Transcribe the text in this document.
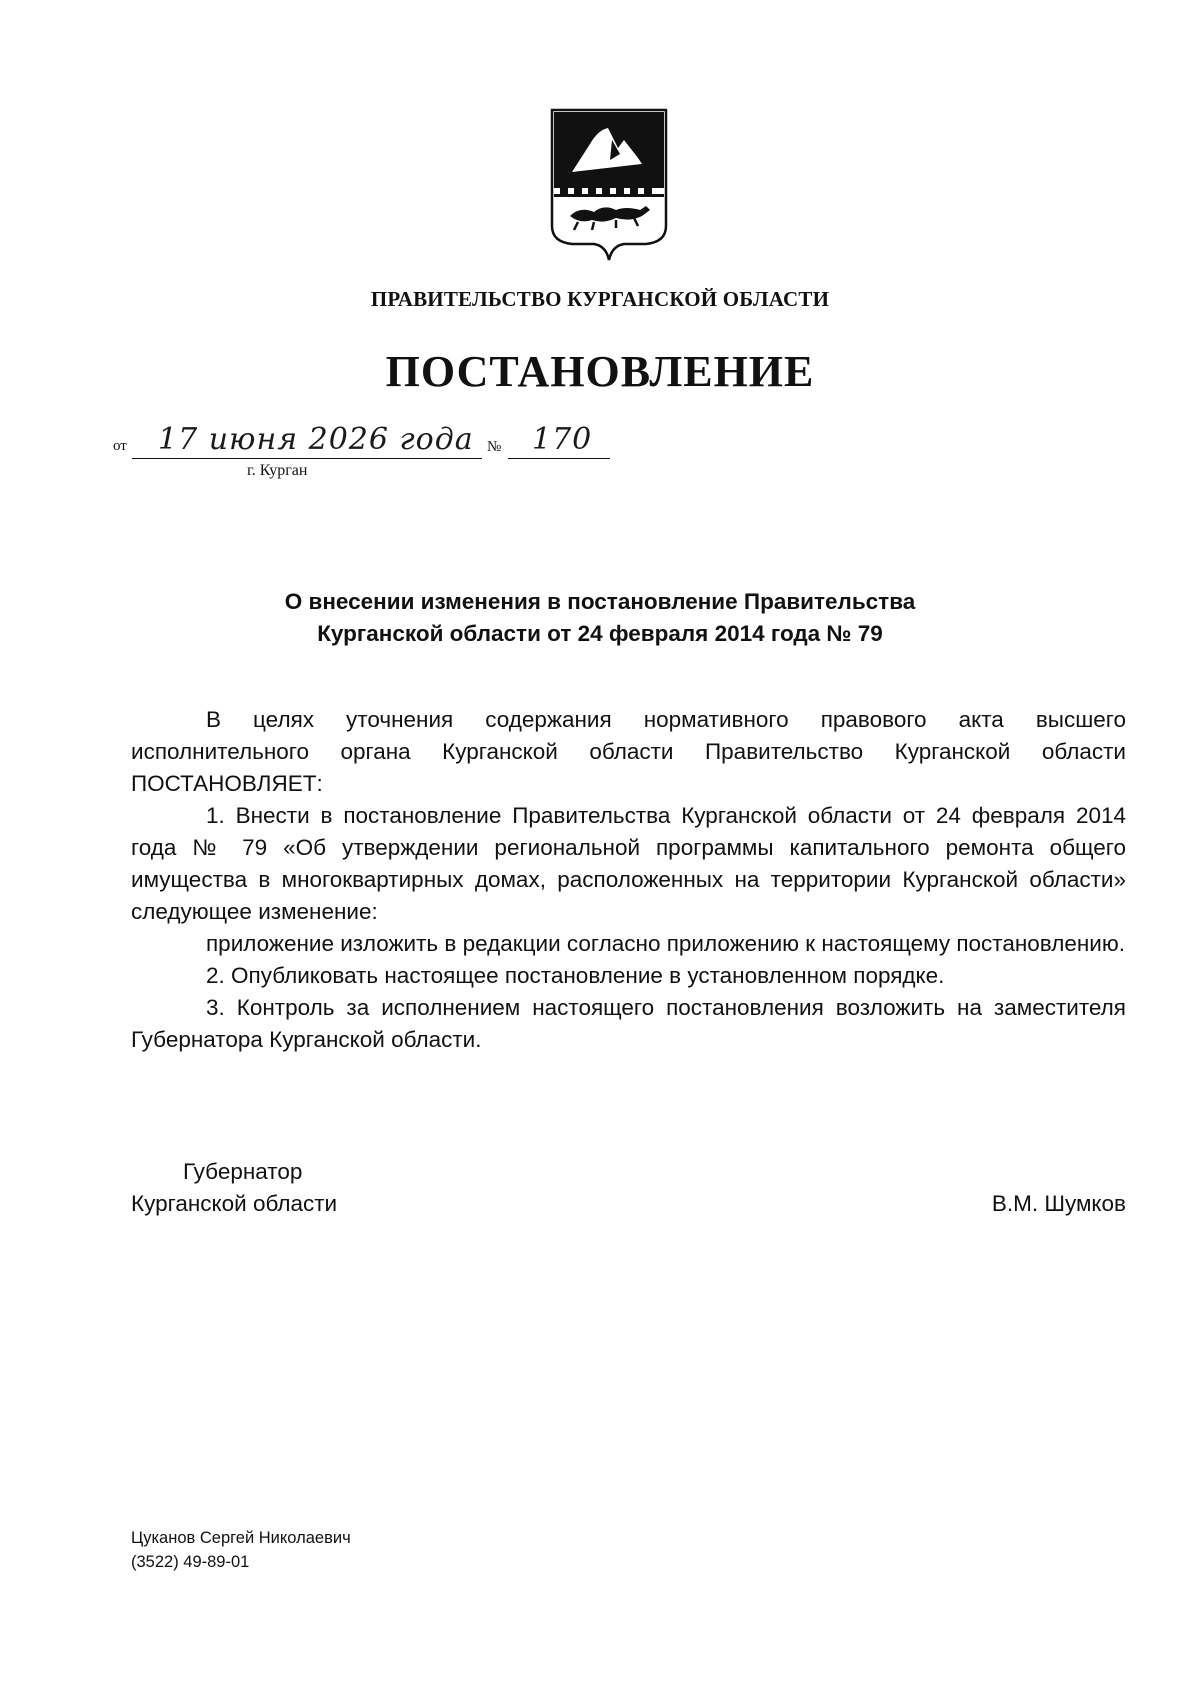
ПРАВИТЕЛЬСТВО КУРГАНСКОЙ ОБЛАСТИ
ПОСТАНОВЛЕНИЕ
от 17 июня 2026 года № 170
г. Курган
О внесении изменения в постановление Правительства
Курганской области от 24 февраля 2014 года № 79

В целях уточнения содержания нормативного правового акта высшего исполнительного органа Курганской области Правительство Курганской области ПОСТАНОВЛЯЕТ:

1. Внести в постановление Правительства Курганской области от 24 февраля 2014 года № 79 «Об утверждении региональной программы капитального ремонта общего имущества в многоквартирных домах, расположенных на территории Курганской области» следующее изменение:

приложение изложить в редакции согласно приложению к настоящему постановлению.

2. Опубликовать настоящее постановление в установленном порядке.

3. Контроль за исполнением настоящего постановления возложить на заместителя Губернатора Курганской области.

Губернатор
Курганской области	В.М. Шумков
Цуканов Сергей Николаевич
(3522) 49-89-01
